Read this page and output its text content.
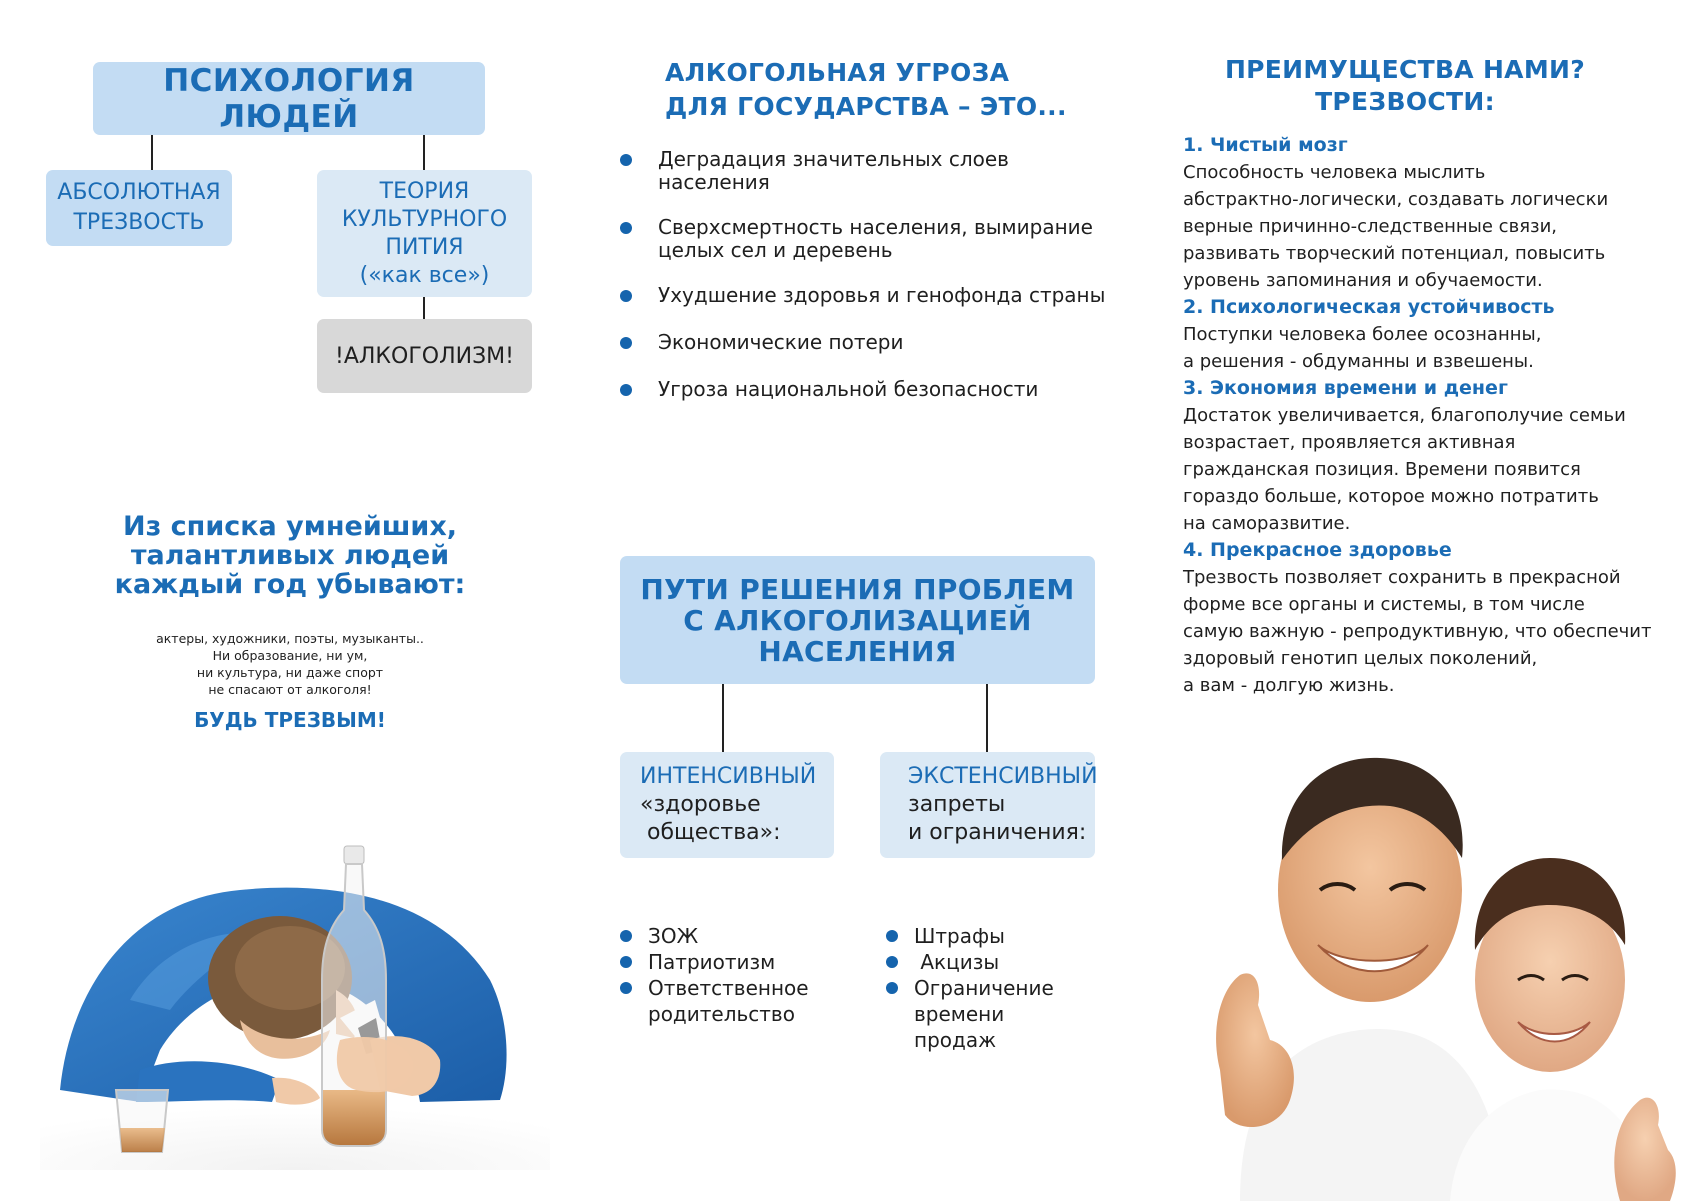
ПСИХОЛОГИЯ ЛЮДЕЙ
АБСОЛЮТНАЯ
ТРЕЗВОСТЬ
ТЕОРИЯ
КУЛЬТУРНОГО
ПИТИЯ
(«как все»)
!АЛКОГОЛИЗМ!
Из списка умнейших,
талантливых людей
каждый год убывают:
актеры, художники, поэты, музыканты..
Ни образование, ни ум,
ни культура, ни даже спорт
не спасают от алкоголя!
БУДЬ ТРЕЗВЫМ!
АЛКОГОЛЬНАЯ УГРОЗА
ДЛЯ ГОСУДАРСТВА – ЭТО...
Деградация значительных слоев населения
Сверхсмертность населения, вымирание
целых сел и деревень
Ухудшение здоровья и генофонда страны
Экономические потери
Угроза национальной безопасности
ПУТИ РЕШЕНИЯ ПРОБЛЕМ
С АЛКОГОЛИЗАЦИЕЙ
НАСЕЛЕНИЯ
ИНТЕНСИВНЫЙ
«здоровье
общества»:
ЭКСТЕНСИВНЫЙ
запреты
и ограничения:
ЗОЖ
Патриотизм
Ответственное
родительство
Штрафы
Акцизы
Ограничение
времени
продаж
ПРЕИМУЩЕСТВА НАМИ?
ТРЕЗВОСТИ:
1. Чистый мозг
Способность человека мыслить
абстрактно-логически, создавать логически
верные причинно-следственные связи,
развивать творческий потенциал, повысить
уровень запоминания и обучаемости.
2. Психологическая устойчивость
Поступки человека более осознанны,
а решения - обдуманны и взвешены.
3. Экономия времени и денег
Достаток увеличивается, благополучие семьи
возрастает, проявляется активная
гражданская позиция. Времени появится
гораздо больше, которое можно потратить
на саморазвитие.
4. Прекрасное здоровье
Трезвость позволяет сохранить в прекрасной
форме все органы и системы, в том числе
самую важную - репродуктивную, что обеспечит
здоровый генотип целых поколений,
а вам - долгую жизнь.
